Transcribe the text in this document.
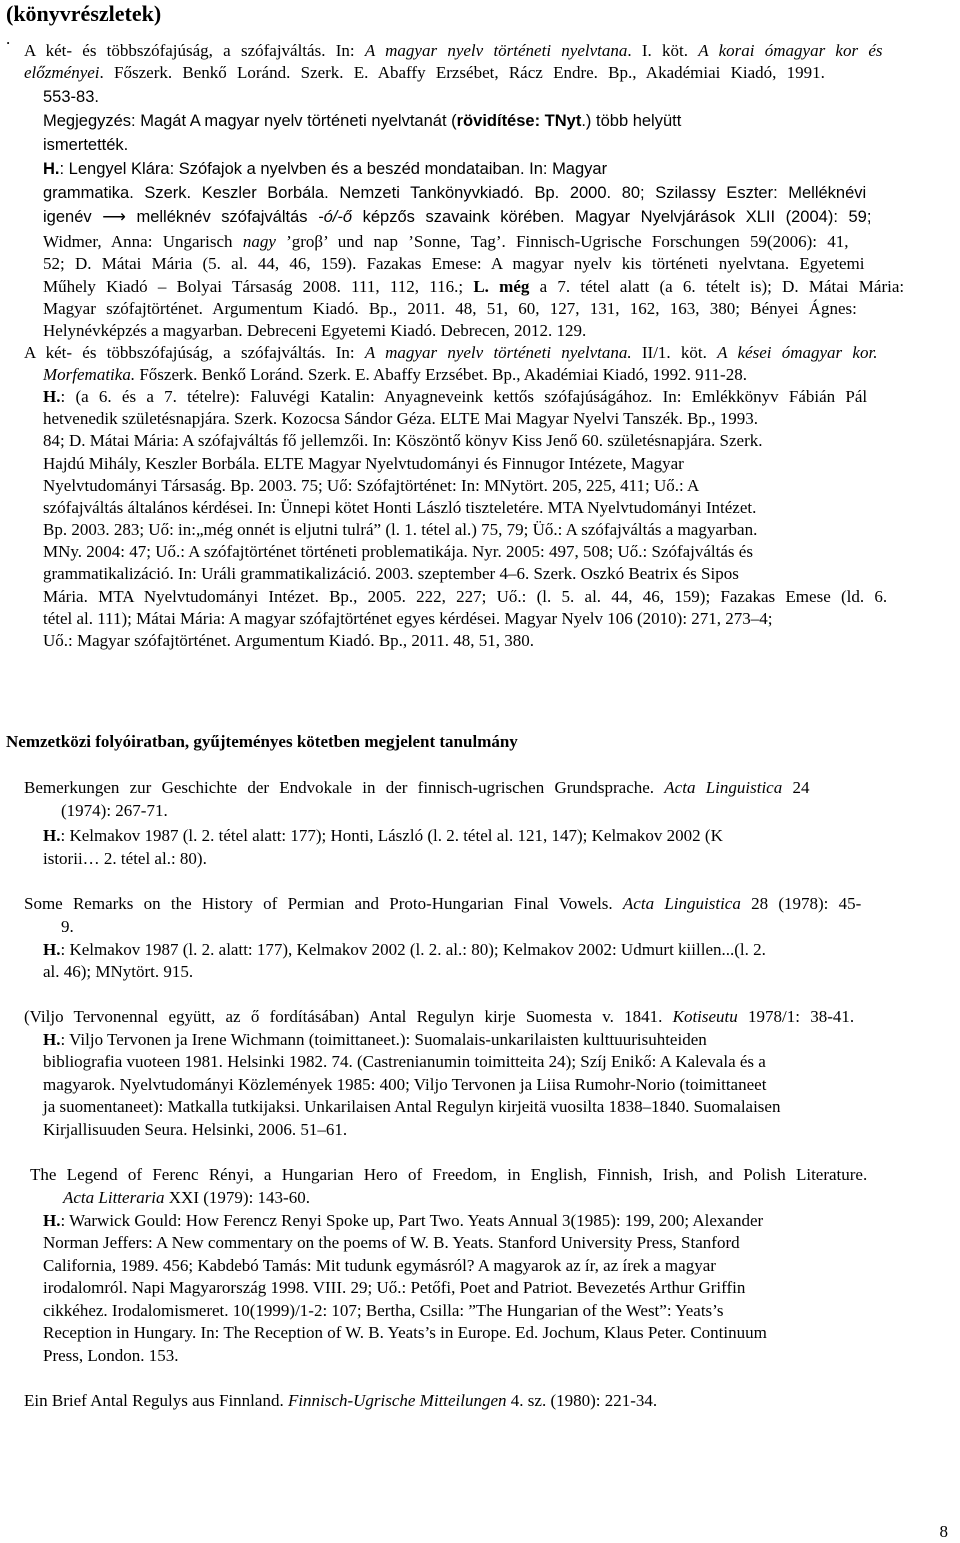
(könyvrészletek)
.
Nemzetközi folyóiratban, gyűjteményes kötetben megjelent tanulmány
A két- és többszófajúság, a szófajváltás. In: A magyar nyelv történeti nyelvtana. I. köt. A korai ómagyar kor és
előzményei. Főszerk. Benkő Loránd. Szerk. E. Abaffy Erzsébet, Rácz Endre. Bp., Akadémiai Kiadó, 1991.
553-83.
Megjegyzés: Magát A magyar nyelv történeti nyelvtanát (rövidítése: TNyt.) több helyütt
ismertették.
H.: Lengyel Klára: Szófajok a nyelvben és a beszéd mondataiban. In: Magyar
grammatika. Szerk. Keszler Borbála. Nemzeti Tankönyvkiadó. Bp. 2000. 80; Szilassy Eszter: Melléknévi
igenév ⟶ melléknév szófajváltás -ó/-ő képzős szavaink körében. Magyar Nyelvjárások XLII (2004): 59;
Widmer, Anna: Ungarisch nagy ’groβ’ und nap ’Sonne, Tag’. Finnisch-Ugrische Forschungen 59(2006): 41,
52; D. Mátai Mária (5. al. 44, 46, 159). Fazakas Emese: A magyar nyelv kis történeti nyelvtana. Egyetemi
Műhely Kiadó – Bolyai Társaság 2008. 111, 112, 116.; L. még a 7. tétel alatt (a 6. tételt is); D. Mátai Mária:
Magyar szófajtörténet. Argumentum Kiadó. Bp., 2011. 48, 51, 60, 127, 131, 162, 163, 380; Bényei Ágnes:
Helynévképzés a magyarban. Debreceni Egyetemi Kiadó. Debrecen, 2012. 129.
A két- és többszófajúság, a szófajváltás. In: A magyar nyelv történeti nyelvtana. II/1. köt. A kései ómagyar kor.
Morfematika. Főszerk. Benkő Loránd. Szerk. E. Abaffy Erzsébet. Bp., Akadémiai Kiadó, 1992. 911-28.
H.: (a 6. és a 7. tételre): Faluvégi Katalin: Anyagneveink kettős szófajúságához. In: Emlékkönyv Fábián Pál
hetvenedik születésnapjára. Szerk. Kozocsa Sándor Géza. ELTE Mai Magyar Nyelvi Tanszék. Bp., 1993.
84; D. Mátai Mária: A szófajváltás fő jellemzői. In: Köszöntő könyv Kiss Jenő 60. születésnapjára. Szerk.
Hajdú Mihály, Keszler Borbála. ELTE Magyar Nyelvtudományi és Finnugor Intézete, Magyar
Nyelvtudományi Társaság. Bp. 2003. 75; Uő: Szófajtörténet: In: MNytört. 205, 225, 411; Uő.: A
szófajváltás általános kérdései. In: Ünnepi kötet Honti László tiszteletére. MTA Nyelvtudományi Intézet.
Bp. 2003. 283; Uő: in:„még onnét is eljutni tulrá” (l. 1. tétel al.) 75, 79; Üő.: A szófajváltás a magyarban.
MNy. 2004: 47; Uő.: A szófajtörténet történeti problematikája. Nyr. 2005: 497, 508; Uő.: Szófajváltás és
grammatikalizáció. In: Uráli grammatikalizáció. 2003. szeptember 4–6. Szerk. Oszkó Beatrix és Sipos
Mária. MTA Nyelvtudományi Intézet. Bp., 2005. 222, 227; Uő.: (l. 5. al. 44, 46, 159); Fazakas Emese (ld. 6.
tétel al. 111); Mátai Mária: A magyar szófajtörténet egyes kérdései. Magyar Nyelv 106 (2010): 271, 273–4;
Uő.: Magyar szófajtörténet. Argumentum Kiadó. Bp., 2011. 48, 51, 380.
Bemerkungen zur Geschichte der Endvokale in der finnisch-ugrischen Grundsprache. Acta Linguistica 24
(1974): 267-71.
H.: Kelmakov 1987 (l. 2. tétel alatt: 177); Honti, László (l. 2. tétel al. 121, 147); Kelmakov 2002 (K
istorii… 2. tétel al.: 80).
Some Remarks on the History of Permian and Proto-Hungarian Final Vowels. Acta Linguistica 28 (1978): 45-
9.
H.: Kelmakov 1987 (l. 2. alatt: 177), Kelmakov 2002 (l. 2. al.: 80); Kelmakov 2002: Udmurt kiillen...(l. 2.
al. 46); MNytört. 915.
(Viljo Tervonennal együtt, az ő fordításában) Antal Regulyn kirje Suomesta v. 1841. Kotiseutu 1978/1: 38-41.
H.: Viljo Tervonen ja Irene Wichmann (toimittaneet.): Suomalais-unkarilaisten kulttuurisuhteiden
bibliografia vuoteen 1981. Helsinki 1982. 74. (Castrenianumin toimitteita 24); Szíj Enikő: A Kalevala és a
magyarok. Nyelvtudományi Közlemények 1985: 400; Viljo Tervonen ja Liisa Rumohr-Norio (toimittaneet
ja suomentaneet): Matkalla tutkijaksi. Unkarilaisen Antal Regulyn kirjeitä vuosilta 1838–1840. Suomalaisen
Kirjallisuuden Seura. Helsinki, 2006. 51–61.
The Legend of Ferenc Rényi, a Hungarian Hero of Freedom, in English, Finnish, Irish, and Polish Literature.
Acta Litteraria XXI (1979): 143-60.
H.: Warwick Gould: How Ferencz Renyi Spoke up, Part Two. Yeats Annual 3(1985): 199, 200; Alexander
Norman Jeffers: A New commentary on the poems of W. B. Yeats. Stanford University Press, Stanford
California, 1989. 456; Kabdebó Tamás: Mit tudunk egymásról? A magyarok az ír, az írek a magyar
irodalomról. Napi Magyarország 1998. VIII. 29; Uő.: Petőfi, Poet and Patriot. Bevezetés Arthur Griffin
cikkéhez. Irodalomismeret. 10(1999)/1-2: 107; Bertha, Csilla: ”The Hungarian of the West”: Yeats’s
Reception in Hungary. In: The Reception of W. B. Yeats’s in Europe. Ed. Jochum, Klaus Peter. Continuum
Press, London. 153.
Ein Brief Antal Regulys aus Finnland. Finnisch-Ugrische Mitteilungen 4. sz. (1980): 221-34.
8
